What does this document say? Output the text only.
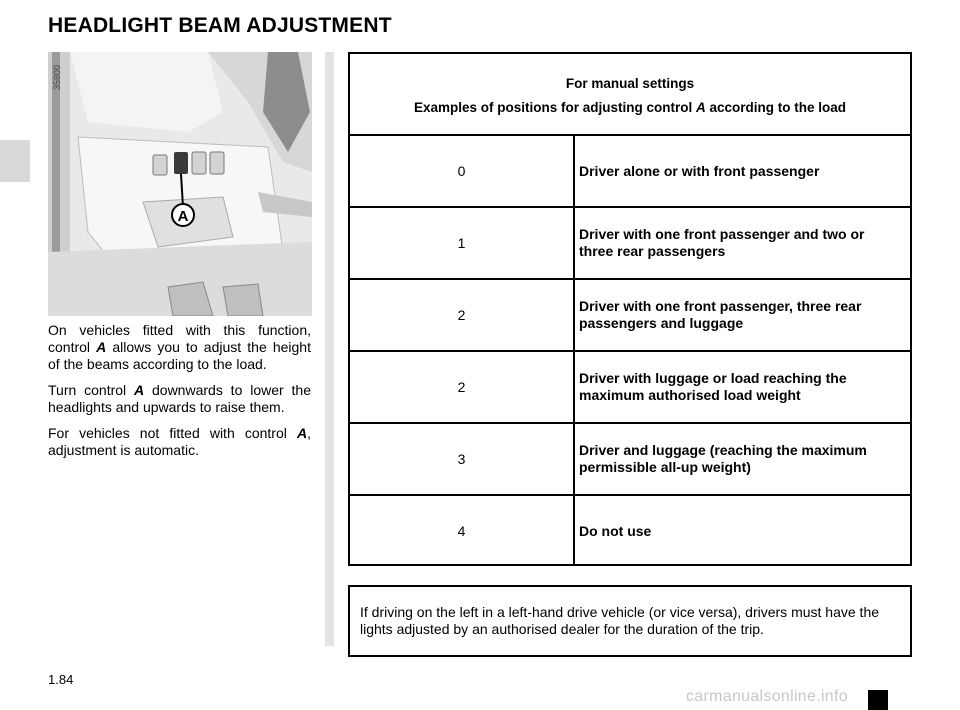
HEADLIGHT BEAM ADJUSTMENT
A
35800

On vehicles fitted with this function, control A allows you to adjust the height of the beams according to the load.

Turn control A downwards to lower the headlights and upwards to raise them.

For vehicles not fitted with control A, adjustment is automatic.

For manual settings
Examples of positions for adjusting control A according to the load
0	Driver alone or with front passenger
1
Driver with one front passenger and two or three rear passengers
2
Driver with one front passenger, three rear passengers and luggage
2
Driver with luggage or load reaching the maximum authorised load weight
3
Driver and luggage (reaching the maximum permissible all-up weight)
4	Do not use
If driving on the left in a left-hand drive vehicle (or vice versa), drivers must have the lights adjusted by an authorised dealer for the duration of the trip.
1.84
carmanualsonline.info
